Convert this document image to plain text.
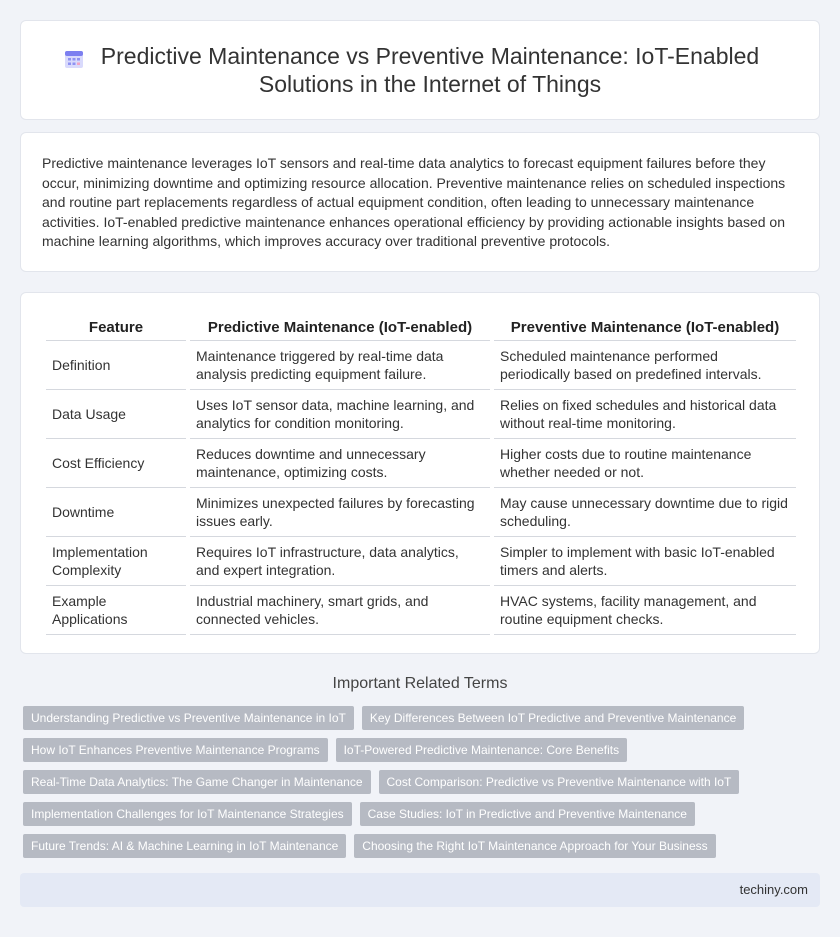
Predictive Maintenance vs Preventive Maintenance: IoT-Enabled Solutions in the Internet of Things

Predictive maintenance leverages IoT sensors and real-time data analytics to forecast equipment failures before they occur, minimizing downtime and optimizing resource allocation. Preventive maintenance relies on scheduled inspections and routine part replacements regardless of actual equipment condition, often leading to unnecessary maintenance activities. IoT-enabled predictive maintenance enhances operational efficiency by providing actionable insights based on machine learning algorithms, which improves accuracy over traditional preventive protocols.

Feature	Predictive Maintenance (IoT-enabled)	Preventive Maintenance (IoT-enabled)
Definition	Maintenance triggered by real-time data analysis predicting equipment failure.	Scheduled maintenance performed periodically based on predefined intervals.
Data Usage	Uses IoT sensor data, machine learning, and analytics for condition monitoring.	Relies on fixed schedules and historical data without real-time monitoring.
Cost Efficiency	Reduces downtime and unnecessary maintenance, optimizing costs.	Higher costs due to routine maintenance whether needed or not.
Downtime	Minimizes unexpected failures by forecasting issues early.	May cause unnecessary downtime due to rigid scheduling.
Implementation Complexity	Requires IoT infrastructure, data analytics, and expert integration.	Simpler to implement with basic IoT-enabled timers and alerts.
Example Applications	Industrial machinery, smart grids, and connected vehicles.	HVAC systems, facility management, and routine equipment checks.
Important Related Terms
Understanding Predictive vs Preventive Maintenance in IoT	Key Differences Between IoT Predictive and Preventive Maintenance
How IoT Enhances Preventive Maintenance Programs	IoT-Powered Predictive Maintenance: Core Benefits
Real-Time Data Analytics: The Game Changer in Maintenance	Cost Comparison: Predictive vs Preventive Maintenance with IoT
Implementation Challenges for IoT Maintenance Strategies	Case Studies: IoT in Predictive and Preventive Maintenance
Future Trends: AI & Machine Learning in IoT Maintenance	Choosing the Right IoT Maintenance Approach for Your Business
techiny.com
